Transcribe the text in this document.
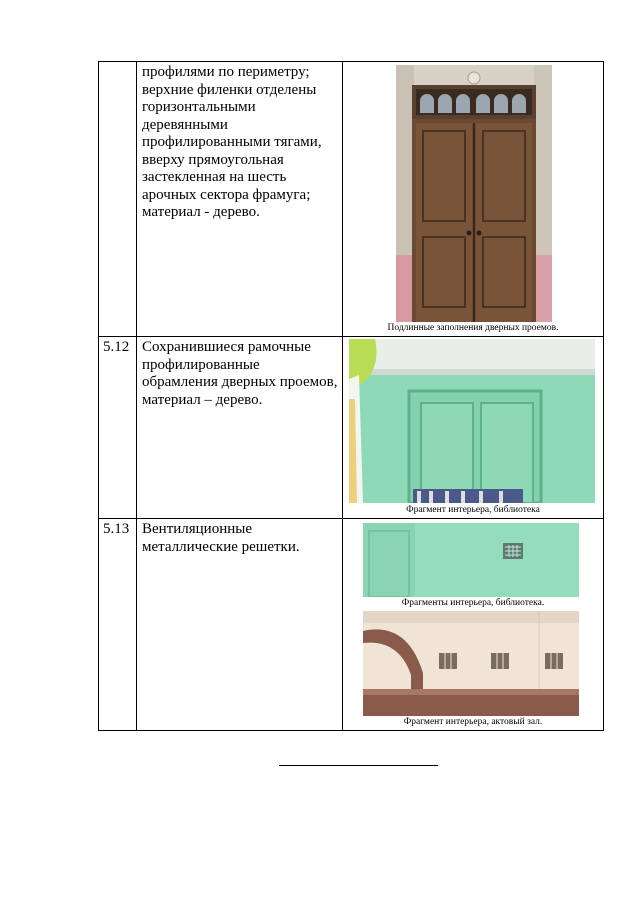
профилями по периметру; верхние филенки отделены горизонтальными деревянными профилированными тягами, вверху прямоугольная застекленная на шесть арочных сектора фрамуга; материал - дерево.
Подлинные заполнения дверных проемов.
5.12 Сохранившиеся рамочные профилированные обрамления дверных проемов, материал – дерево.
Фрагмент интерьера, библиотека
5.13 Вентиляционные металлические решетки.
Фрагменты интерьера, библиотека.
Фрагмент интерьера, актовый зал.
